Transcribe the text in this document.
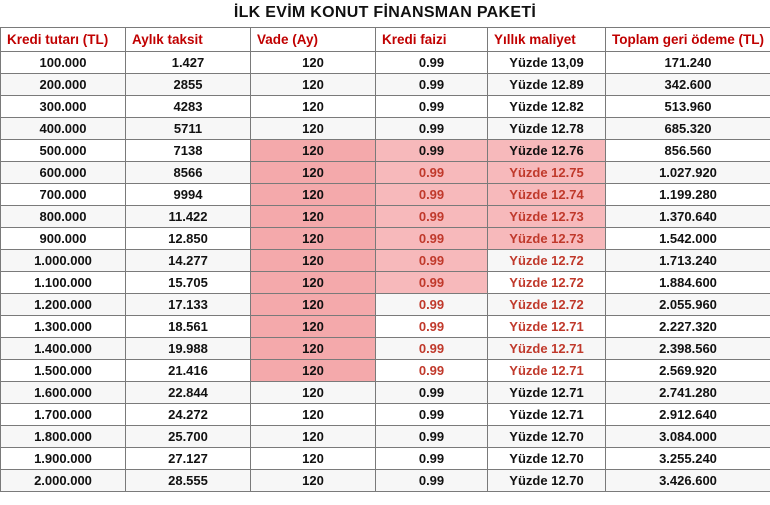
İLK EVİM KONUT FİNANSMAN PAKETİ
Kredi tutarı (TL)	Aylık taksit	Vade (Ay)	Kredi faizi	Yıllık maliyet	Toplam geri ödeme (TL)
100.000	1.427	120	0.99	Yüzde 13,09	171.240
200.000	2855	120	0.99	Yüzde 12.89	342.600
300.000	4283	120	0.99	Yüzde 12.82	513.960
400.000	5711	120	0.99	Yüzde 12.78	685.320
500.000	7138	120	0.99	Yüzde 12.76	856.560
600.000	8566	120	0.99	Yüzde 12.75	1.027.920
700.000	9994	120	0.99	Yüzde 12.74	1.199.280
800.000	11.422	120	0.99	Yüzde 12.73	1.370.640
900.000	12.850	120	0.99	Yüzde 12.73	1.542.000
1.000.000	14.277	120	0.99	Yüzde 12.72	1.713.240
1.100.000	15.705	120	0.99	Yüzde 12.72	1.884.600
1.200.000	17.133	120	0.99	Yüzde 12.72	2.055.960
1.300.000	18.561	120	0.99	Yüzde 12.71	2.227.320
1.400.000	19.988	120	0.99	Yüzde 12.71	2.398.560
1.500.000	21.416	120	0.99	Yüzde 12.71	2.569.920
1.600.000	22.844	120	0.99	Yüzde 12.71	2.741.280
1.700.000	24.272	120	0.99	Yüzde 12.71	2.912.640
1.800.000	25.700	120	0.99	Yüzde 12.70	3.084.000
1.900.000	27.127	120	0.99	Yüzde 12.70	3.255.240
2.000.000	28.555	120	0.99	Yüzde 12.70	3.426.600
